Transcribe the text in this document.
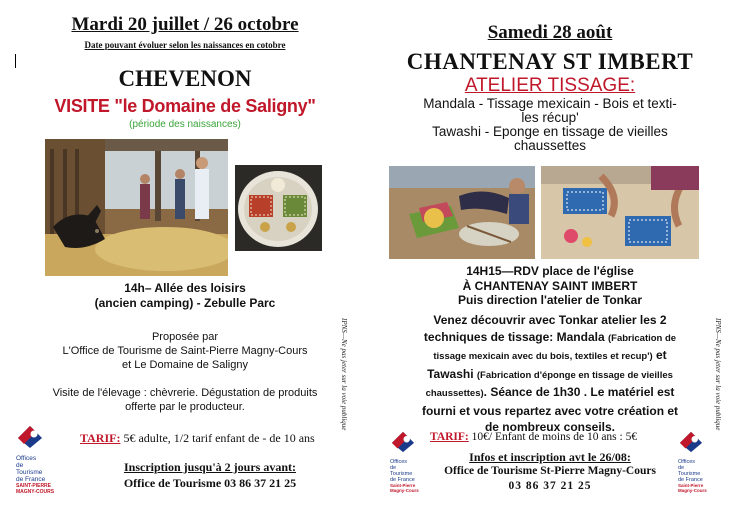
Mardi 20 juillet / 26 octobre
Date pouvant évoluer selon les naissances en cotobre
CHEVENON
VISITE "le Domaine de Saligny"
(période des naissances)
14h– Allée des loisirs
(ancien camping) - Zebulle Parc
Proposée par
L'Office de Tourisme de Saint-Pierre Magny-Cours
et Le Domaine de Saligny
Visite de l'élevage : chèvrerie. Dégustation de produits
offerte par le producteur.
Offices
de
Tourisme
de France
SAINT-PIERRE MAGNY-COURS
TARIF: 5€ adulte, 1/2 tarif enfant de - de 10 ans
Inscription jusqu'à 2 jours avant:
Office de Tourisme 03 86 37 21 25
IPNS—Ne pas jeter sur la voie publique
Samedi 28 août
CHANTENAY ST IMBERT
ATELIER TISSAGE:
Mandala - Tissage mexicain - Bois et texti-
les récup'
Tawashi - Eponge en tissage de vieilles
chaussettes
14H15—RDV place de l'église
À CHANTENAY SAINT IMBERT
Puis direction l'atelier de Tonkar
Venez découvrir avec Tonkar atelier les 2
techniques de tissage: Mandala (Fabrication de
tissage mexicain avec du bois, textiles et recup') et
Tawashi (Fabrication d'éponge en tissage de vieilles
chaussettes). Séance de 1h30 . Le matériel est
fourni et vous repartez avec votre création et
de nombreux conseils.
Offices
de
Tourisme
de France
Saint-Pierre Magny-Cours
Offices
de
Tourisme
de France
Saint-Pierre Magny-Cours
TARIF: 10€/ Enfant de moins de 10 ans : 5€
Infos et inscription avt le 26/08:
Office de Tourisme St-Pierre Magny-Cours
03 86 37 21 25
IPNS—Ne pas jeter sur la voie publique
